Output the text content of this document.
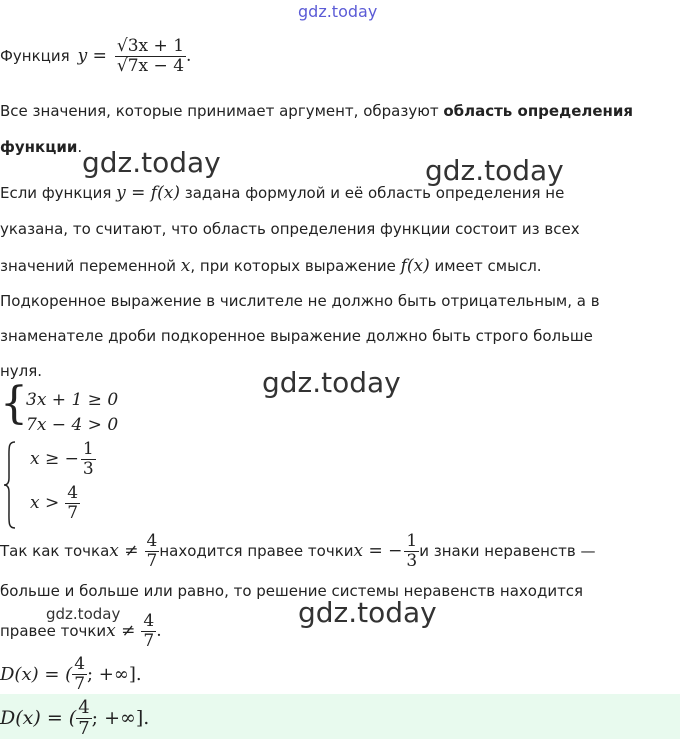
gdz.today
Функция $y = \frac{√3x + 1}{√7x - 4}$ .
Все значения, которые принимает аргумент, образуют область определения
функции. gdz.today	gdz.today
Если функция y = f(x) задана формулой и её область определения не
указана, то считают, что область определения функции состоит из всех
значений переменной x, при которых выражение f(x) имеет смысл.
Подкоренное выражение в числителе не должно быть отрицательным, а в
знаменателе дроби подкоренное выражение должно быть строго больше
нуля.	gdz.today
{
3x + 1 ≥ 0
7x − 4 > 0
x ≥ − $\frac{1}{3}$
$x > \frac{4}{7}$
Так как точка $x \ne \frac{4}{7}$ находится правее точки x = − $\frac{1}{3}$ и знаки неравенств —
больше и больше или равно, то решение системы неравенств находится
gdz.today	gdz.today
правее точки $x \ne \frac{4}{7}$ .
D(x) = ( $\frac{4}{7}$ ; +∞].
D(x) = ( $\frac{4}{7}$ ; +∞].
